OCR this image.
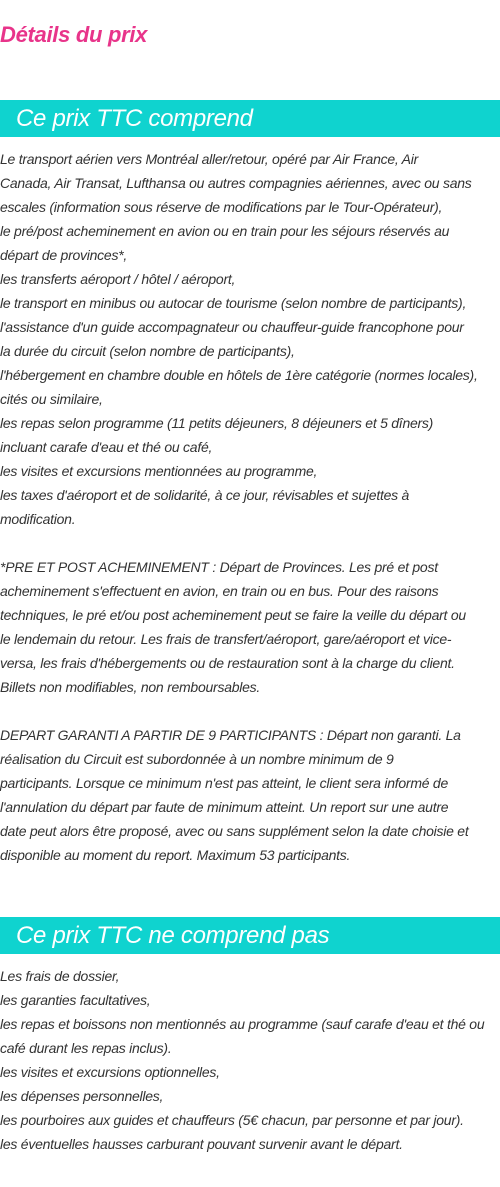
Détails du prix
Ce prix TTC comprend
Le transport aérien vers Montréal aller/retour, opéré par Air France, Air
Canada, Air Transat, Lufthansa ou autres compagnies aériennes, avec ou sans
escales (information sous réserve de modifications par le Tour-Opérateur),
le pré/post acheminement en avion ou en train pour les séjours réservés au
départ de provinces*,
les transferts aéroport / hôtel / aéroport,
le transport en minibus ou autocar de tourisme (selon nombre de participants),
l'assistance d'un guide accompagnateur ou chauffeur-guide francophone pour
la durée du circuit (selon nombre de participants),
l'hébergement en chambre double en hôtels de 1ère catégorie (normes locales),
cités ou similaire,
les repas selon programme (11 petits déjeuners, 8 déjeuners et 5 dîners)
incluant carafe d'eau et thé ou café,
les visites et excursions mentionnées au programme,
les taxes d'aéroport et de solidarité, à ce jour, révisables et sujettes à
modification.
*PRE ET POST ACHEMINEMENT : Départ de Provinces. Les pré et post
acheminement s'effectuent en avion, en train ou en bus. Pour des raisons
techniques, le pré et/ou post acheminement peut se faire la veille du départ ou
le lendemain du retour. Les frais de transfert/aéroport, gare/aéroport et vice-
versa, les frais d'hébergements ou de restauration sont à la charge du client.
Billets non modifiables, non remboursables.
DEPART GARANTI A PARTIR DE 9 PARTICIPANTS : Départ non garanti. La
réalisation du Circuit est subordonnée à un nombre minimum de 9
participants. Lorsque ce minimum n'est pas atteint, le client sera informé de
l'annulation du départ par faute de minimum atteint. Un report sur une autre
date peut alors être proposé, avec ou sans supplément selon la date choisie et
disponible au moment du report. Maximum 53 participants.
Ce prix TTC ne comprend pas
Les frais de dossier,
les garanties facultatives,
les repas et boissons non mentionnés au programme (sauf carafe d'eau et thé ou
café durant les repas inclus).
les visites et excursions optionnelles,
les dépenses personnelles,
les pourboires aux guides et chauffeurs (5€ chacun, par personne et par jour).
les éventuelles hausses carburant pouvant survenir avant le départ.
